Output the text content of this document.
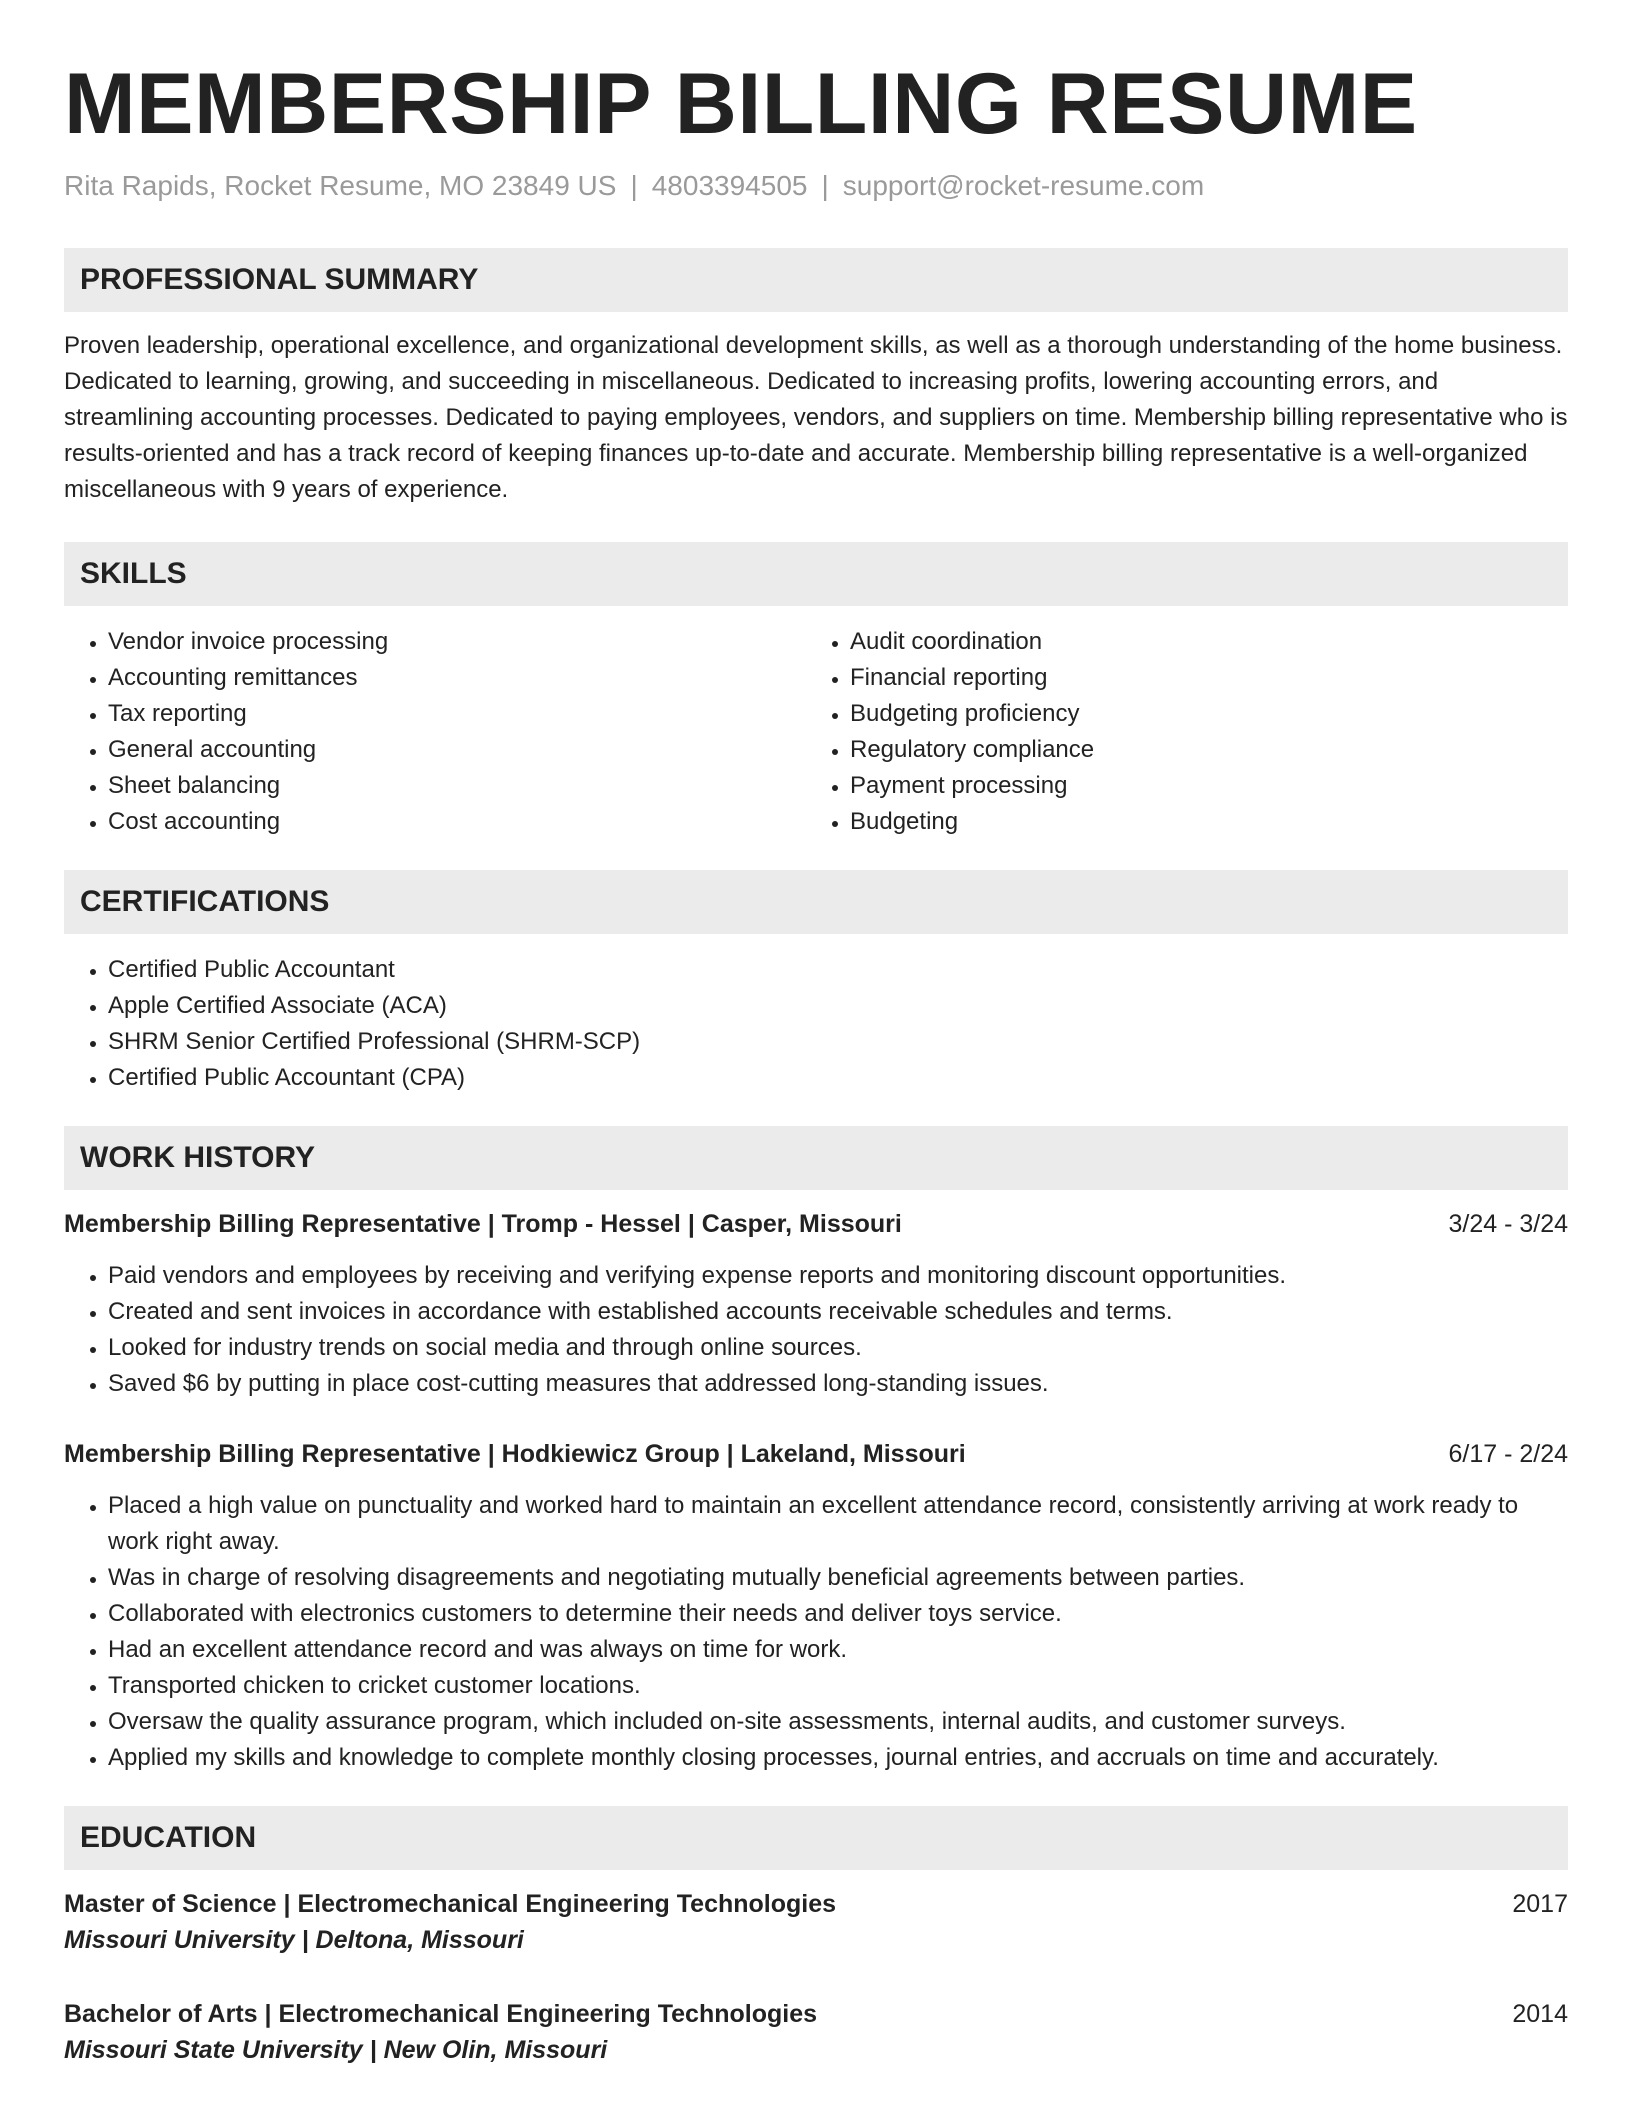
MEMBERSHIP BILLING RESUME
Rita Rapids, Rocket Resume, MO 23849 US | 4803394505 | support@rocket-resume.com
PROFESSIONAL SUMMARY

Proven leadership, operational excellence, and organizational development skills, as well as a thorough understanding of the home business. Dedicated to learning, growing, and succeeding in miscellaneous. Dedicated to increasing profits, lowering accounting errors, and streamlining accounting processes. Dedicated to paying employees, vendors, and suppliers on time. Membership billing representative who is results-oriented and has a track record of keeping finances up-to-date and accurate. Membership billing representative is a well-organized miscellaneous with 9 years of experience.

SKILLS
• Vendor invoice processing
• Accounting remittances
• Tax reporting
• General accounting
• Sheet balancing
• Cost accounting
• Audit coordination
• Financial reporting
• Budgeting proficiency
• Regulatory compliance
• Payment processing
• Budgeting
CERTIFICATIONS
• Certified Public Accountant
• Apple Certified Associate (ACA)
• SHRM Senior Certified Professional (SHRM-SCP)
• Certified Public Accountant (CPA)
WORK HISTORY
Membership Billing Representative | Tromp - Hessel | Casper, Missouri	3/24 - 3/24
• Paid vendors and employees by receiving and verifying expense reports and monitoring discount opportunities.
• Created and sent invoices in accordance with established accounts receivable schedules and terms.
• Looked for industry trends on social media and through online sources.
• Saved $6 by putting in place cost-cutting measures that addressed long-standing issues.
Membership Billing Representative | Hodkiewicz Group | Lakeland, Missouri	6/17 - 2/24
• Placed a high value on punctuality and worked hard to maintain an excellent attendance record, consistently arriving at work ready to work right away.
• Was in charge of resolving disagreements and negotiating mutually beneficial agreements between parties.
• Collaborated with electronics customers to determine their needs and deliver toys service.
• Had an excellent attendance record and was always on time for work.
• Transported chicken to cricket customer locations.
• Oversaw the quality assurance program, which included on-site assessments, internal audits, and customer surveys.
• Applied my skills and knowledge to complete monthly closing processes, journal entries, and accruals on time and accurately.
EDUCATION
Master of Science | Electromechanical Engineering Technologies	2017
Missouri University | Deltona, Missouri
Bachelor of Arts | Electromechanical Engineering Technologies	2014
Missouri State University | New Olin, Missouri
